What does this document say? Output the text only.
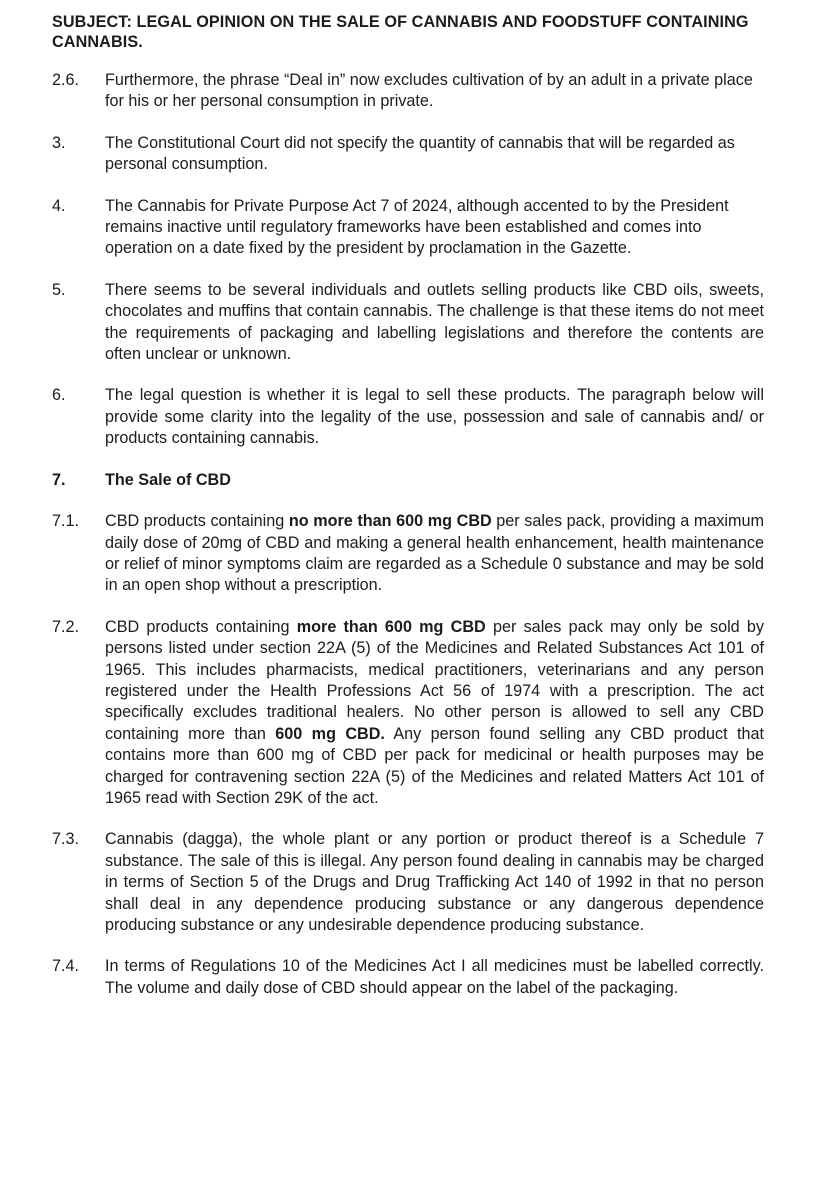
SUBJECT: LEGAL OPINION ON THE SALE OF CANNABIS AND FOODSTUFF CONTAINING CANNABIS.
2.6.	Furthermore, the phrase “Deal in” now excludes cultivation of by an adult in a private place for his or her personal consumption in private.
3.	The Constitutional Court did not specify the quantity of cannabis that will be regarded as personal consumption.
4.	The Cannabis for Private Purpose Act 7 of 2024, although accented to by the President remains inactive until regulatory frameworks have been established and comes into operation on a date fixed by the president by proclamation in the Gazette.
5.	There seems to be several individuals and outlets selling products like CBD oils, sweets, chocolates and muffins that contain cannabis. The challenge is that these items do not meet the requirements of packaging and labelling legislations and therefore the contents are often unclear or unknown.
6.	The legal question is whether it is legal to sell these products. The paragraph below will provide some clarity into the legality of the use, possession and sale of cannabis and/ or products containing cannabis.
7.	The Sale of CBD
7.1.	CBD products containing no more than 600 mg CBD per sales pack, providing a maximum daily dose of 20mg of CBD and making a general health enhancement, health maintenance or relief of minor symptoms claim are regarded as a Schedule 0 substance and may be sold in an open shop without a prescription.
7.2.	CBD products containing more than 600 mg CBD per sales pack may only be sold by persons listed under section 22A (5) of the Medicines and Related Substances Act 101 of 1965. This includes pharmacists, medical practitioners, veterinarians and any person registered under the Health Professions Act 56 of 1974 with a prescription. The act specifically excludes traditional healers. No other person is allowed to sell any CBD containing more than 600 mg CBD. Any person found selling any CBD product that contains more than 600 mg of CBD per pack for medicinal or health purposes may be charged for contravening section 22A (5) of the Medicines and related Matters Act 101 of 1965 read with Section 29K of the act.
7.3.	Cannabis (dagga), the whole plant or any portion or product thereof is a Schedule 7 substance. The sale of this is illegal. Any person found dealing in cannabis may be charged in terms of Section 5 of the Drugs and Drug Trafficking Act 140 of 1992 in that no person shall deal in any dependence producing substance or any dangerous dependence producing substance or any undesirable dependence producing substance.
7.4.	In terms of Regulations 10 of the Medicines Act I all medicines must be labelled correctly. The volume and daily dose of CBD should appear on the label of the packaging.
